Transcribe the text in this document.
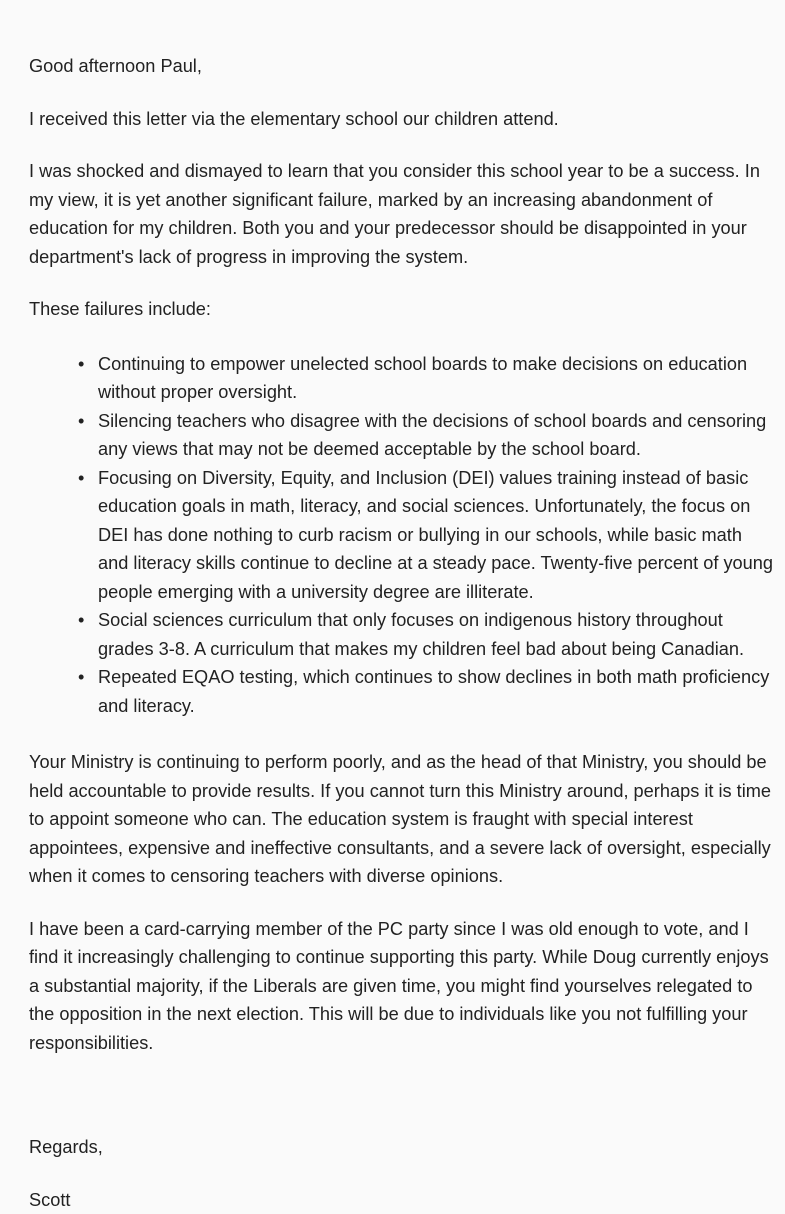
Good afternoon Paul,

I received this letter via the elementary school our children attend.

I was shocked and dismayed to learn that you consider this school year to be a success. In my view, it is yet another significant failure, marked by an increasing abandonment of education for my children. Both you and your predecessor should be disappointed in your department's lack of progress in improving the system.

These failures include:

• Continuing to empower unelected school boards to make decisions on education without proper oversight.
• Silencing teachers who disagree with the decisions of school boards and censoring any views that may not be deemed acceptable by the school board.
• Focusing on Diversity, Equity, and Inclusion (DEI) values training instead of basic education goals in math, literacy, and social sciences. Unfortunately, the focus on DEI has done nothing to curb racism or bullying in our schools, while basic math and literacy skills continue to decline at a steady pace. Twenty-five percent of young people emerging with a university degree are illiterate.
• Social sciences curriculum that only focuses on indigenous history throughout grades 3-8. A curriculum that makes my children feel bad about being Canadian.
• Repeated EQAO testing, which continues to show declines in both math proficiency and literacy.

Your Ministry is continuing to perform poorly, and as the head of that Ministry, you should be held accountable to provide results. If you cannot turn this Ministry around, perhaps it is time to appoint someone who can. The education system is fraught with special interest appointees, expensive and ineffective consultants, and a severe lack of oversight, especially when it comes to censoring teachers with diverse opinions.

I have been a card-carrying member of the PC party since I was old enough to vote, and I find it increasingly challenging to continue supporting this party. While Doug currently enjoys a substantial majority, if the Liberals are given time, you might find yourselves relegated to the opposition in the next election. This will be due to individuals like you not fulfilling your responsibilities.

Regards,

Scott
